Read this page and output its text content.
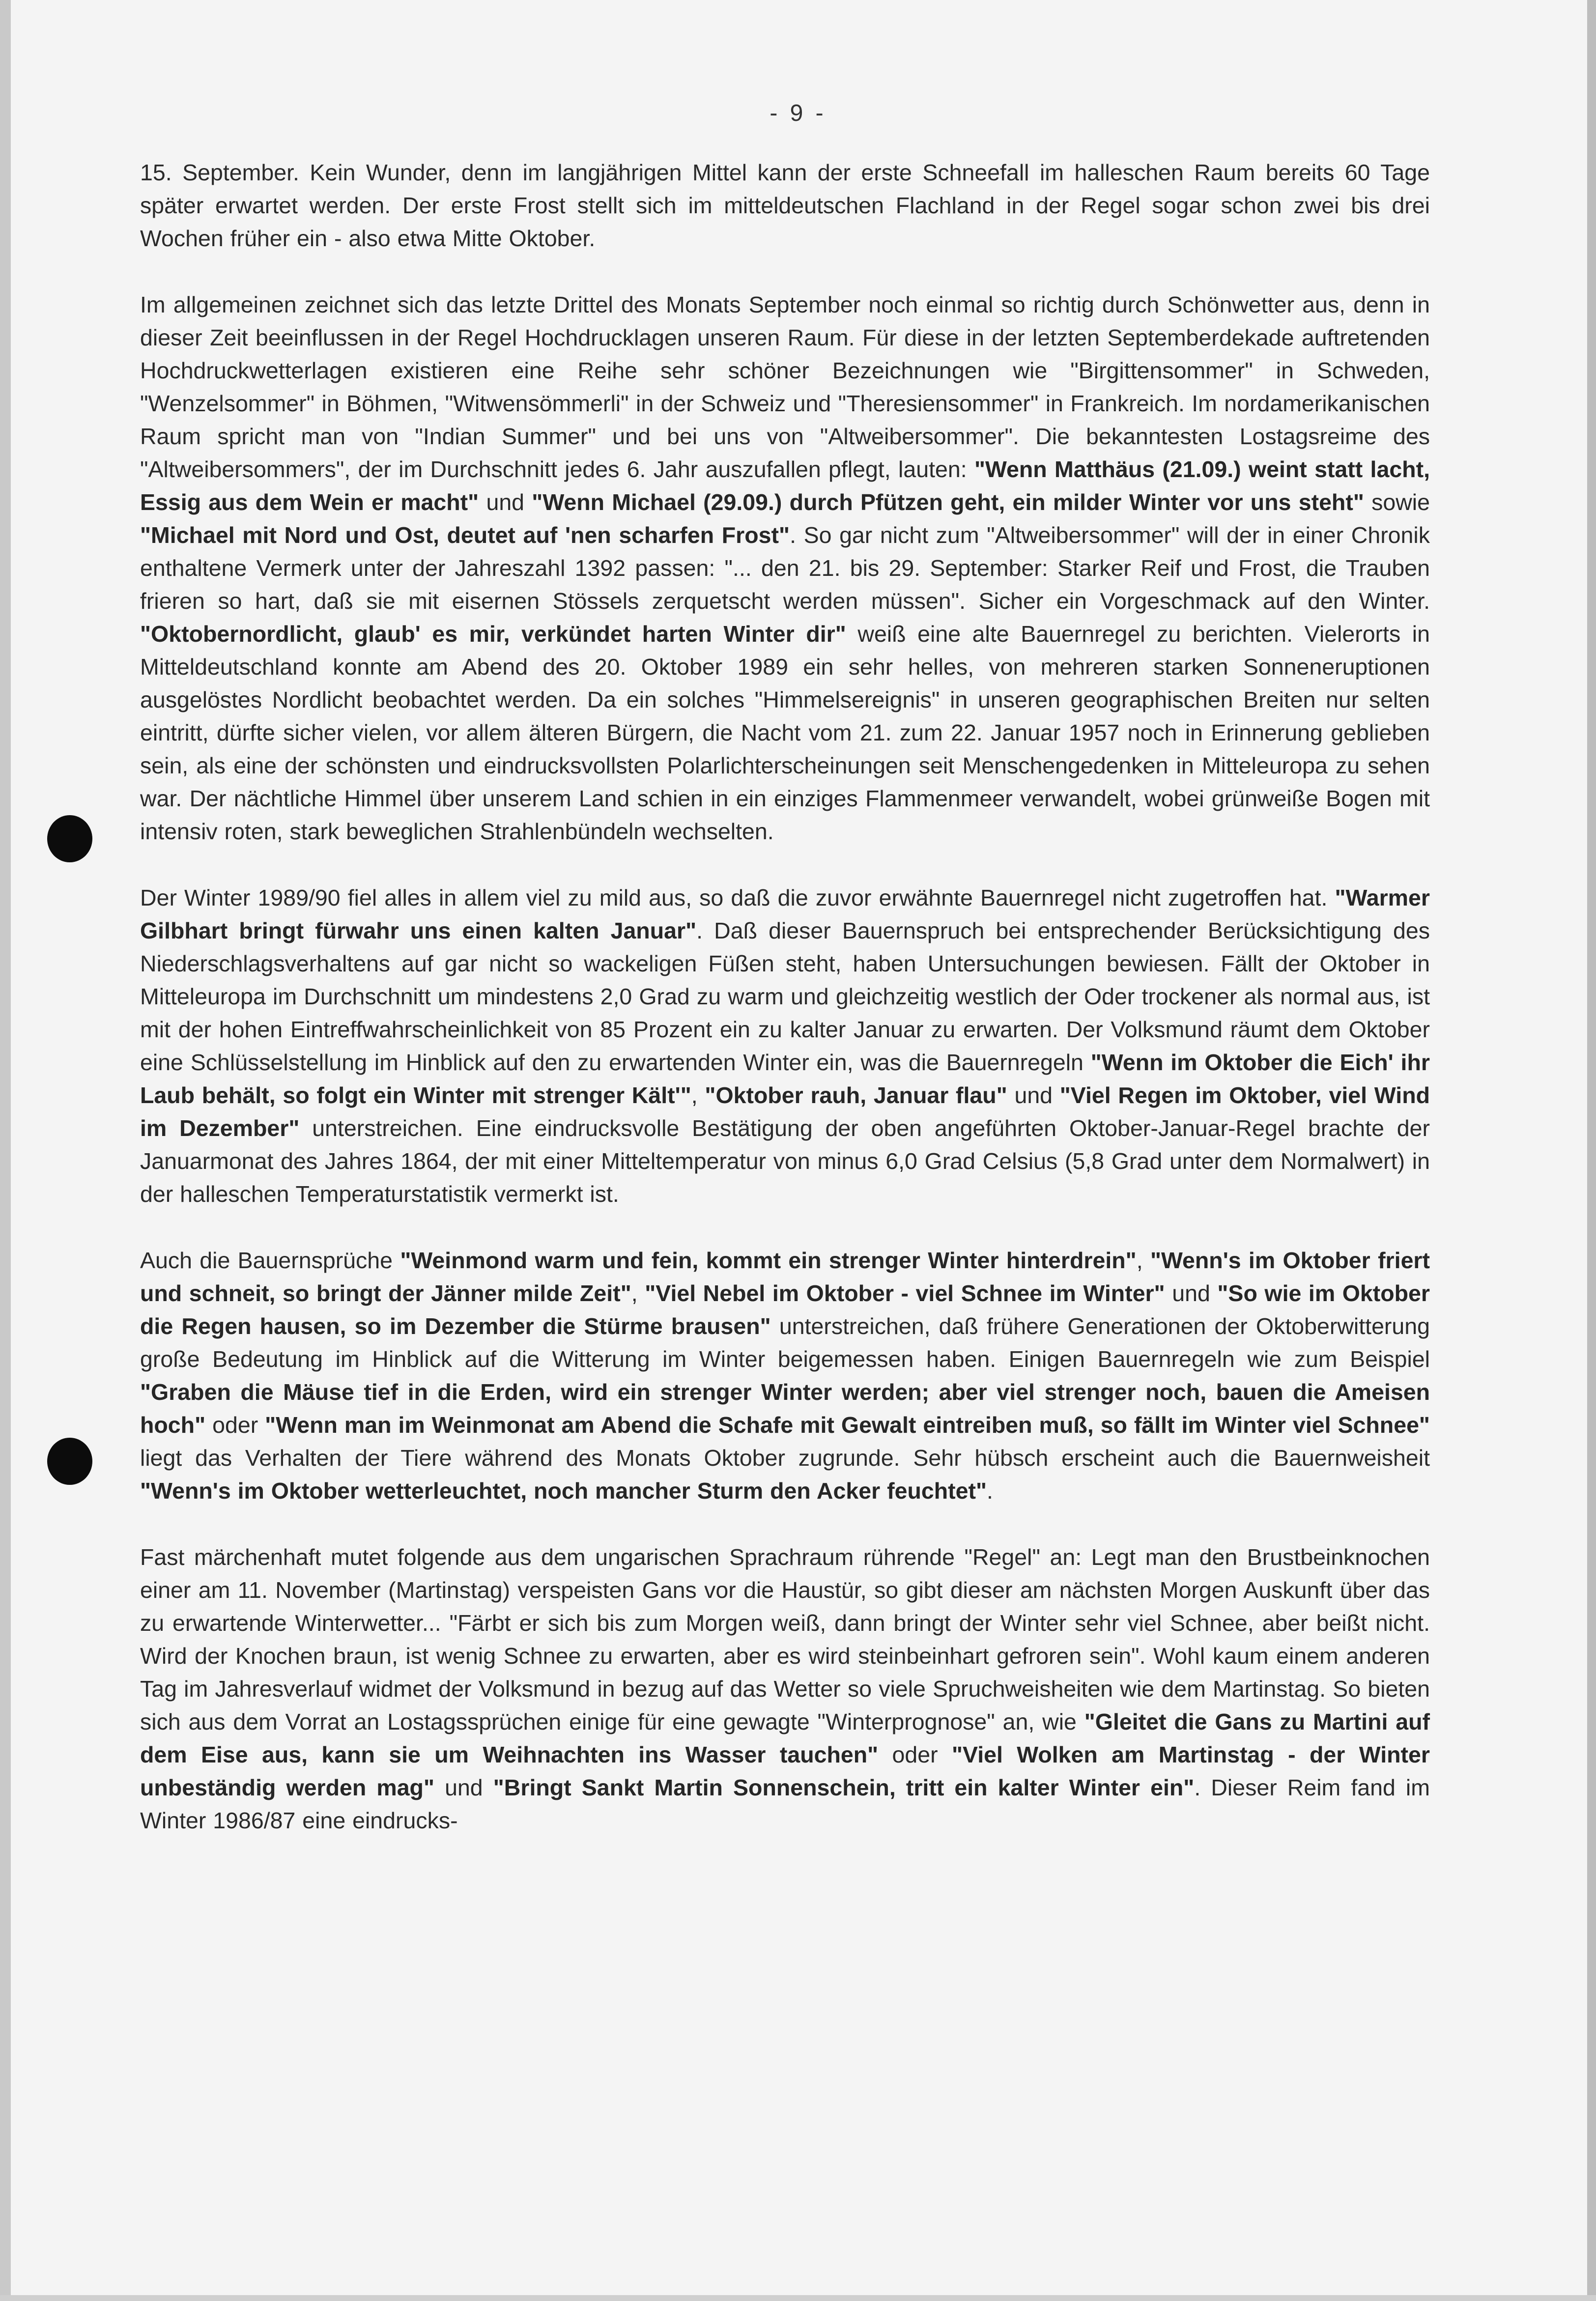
- 9 -

15. September. Kein Wunder, denn im langjährigen Mittel kann der erste Schneefall im halleschen Raum bereits 60 Tage später erwartet werden. Der erste Frost stellt sich im mitteldeutschen Flachland in der Regel sogar schon zwei bis drei Wochen früher ein - also etwa Mitte Oktober.

Im allgemeinen zeichnet sich das letzte Drittel des Monats September noch einmal so richtig durch Schönwetter aus, denn in dieser Zeit beeinflussen in der Regel Hochdrucklagen unseren Raum. Für diese in der letzten Septemberdekade auftretenden Hochdruckwetterlagen existieren eine Reihe sehr schöner Bezeichnungen wie "Birgittensommer" in Schweden, "Wenzelsommer" in Böhmen, "Witwensömmerli" in der Schweiz und "Theresiensommer" in Frankreich. Im nordamerikanischen Raum spricht man von "Indian Summer" und bei uns von "Altweibersommer". Die bekanntesten Lostagsreime des "Altweibersommers", der im Durchschnitt jedes 6. Jahr auszufallen pflegt, lauten: "Wenn Matthäus (21.09.) weint statt lacht, Essig aus dem Wein er macht" und "Wenn Michael (29.09.) durch Pfützen geht, ein milder Winter vor uns steht" sowie "Michael mit Nord und Ost, deutet auf 'nen scharfen Frost". So gar nicht zum "Altweibersommer" will der in einer Chronik enthaltene Vermerk unter der Jahreszahl 1392 passen: "... den 21. bis 29. September: Starker Reif und Frost, die Trauben frieren so hart, daß sie mit eisernen Stössels zerquetscht werden müssen". Sicher ein Vorgeschmack auf den Winter. "Oktobernordlicht, glaub' es mir, verkündet harten Winter dir" weiß eine alte Bauernregel zu berichten. Vielerorts in Mitteldeutschland konnte am Abend des 20. Oktober 1989 ein sehr helles, von mehreren starken Sonneneruptionen ausgelöstes Nordlicht beobachtet werden. Da ein solches "Himmelsereignis" in unseren geographischen Breiten nur selten eintritt, dürfte sicher vielen, vor allem älteren Bürgern, die Nacht vom 21. zum 22. Januar 1957 noch in Erinnerung geblieben sein, als eine der schönsten und eindrucksvollsten Polarlichterscheinungen seit Menschengedenken in Mitteleuropa zu sehen war. Der nächtliche Himmel über unserem Land schien in ein einziges Flammenmeer verwandelt, wobei grünweiße Bogen mit intensiv roten, stark beweglichen Strahlenbündeln wechselten.

Der Winter 1989/90 fiel alles in allem viel zu mild aus, so daß die zuvor erwähnte Bauernregel nicht zugetroffen hat. "Warmer Gilbhart bringt fürwahr uns einen kalten Januar". Daß dieser Bauernspruch bei entsprechender Berücksichtigung des Niederschlagsverhaltens auf gar nicht so wackeligen Füßen steht, haben Untersuchungen bewiesen. Fällt der Oktober in Mitteleuropa im Durchschnitt um mindestens 2,0 Grad zu warm und gleichzeitig westlich der Oder trockener als normal aus, ist mit der hohen Eintreffwahrscheinlichkeit von 85 Prozent ein zu kalter Januar zu erwarten. Der Volksmund räumt dem Oktober eine Schlüsselstellung im Hinblick auf den zu erwartenden Winter ein, was die Bauernregeln "Wenn im Oktober die Eich' ihr Laub behält, so folgt ein Winter mit strenger Kält'", "Oktober rauh, Januar flau" und "Viel Regen im Oktober, viel Wind im Dezember" unterstreichen. Eine eindrucksvolle Bestätigung der oben angeführten Oktober-Januar-Regel brachte der Januarmonat des Jahres 1864, der mit einer Mitteltemperatur von minus 6,0 Grad Celsius (5,8 Grad unter dem Normalwert) in der halleschen Temperaturstatistik vermerkt ist.

Auch die Bauernsprüche "Weinmond warm und fein, kommt ein strenger Winter hinterdrein", "Wenn's im Oktober friert und schneit, so bringt der Jänner milde Zeit", "Viel Nebel im Oktober - viel Schnee im Winter" und "So wie im Oktober die Regen hausen, so im Dezember die Stürme brausen" unterstreichen, daß frühere Generationen der Oktoberwitterung große Bedeutung im Hinblick auf die Witterung im Winter beigemessen haben. Einigen Bauernregeln wie zum Beispiel "Graben die Mäuse tief in die Erden, wird ein strenger Winter werden; aber viel strenger noch, bauen die Ameisen hoch" oder "Wenn man im Weinmonat am Abend die Schafe mit Gewalt eintreiben muß, so fällt im Winter viel Schnee" liegt das Verhalten der Tiere während des Monats Oktober zugrunde. Sehr hübsch erscheint auch die Bauernweisheit "Wenn's im Oktober wetterleuchtet, noch mancher Sturm den Acker feuchtet".

Fast märchenhaft mutet folgende aus dem ungarischen Sprachraum rührende "Regel" an: Legt man den Brustbeinknochen einer am 11. November (Martinstag) verspeisten Gans vor die Haustür, so gibt dieser am nächsten Morgen Auskunft über das zu erwartende Winterwetter... "Färbt er sich bis zum Morgen weiß, dann bringt der Winter sehr viel Schnee, aber beißt nicht. Wird der Knochen braun, ist wenig Schnee zu erwarten, aber es wird steinbeinhart gefroren sein". Wohl kaum einem anderen Tag im Jahresverlauf widmet der Volksmund in bezug auf das Wetter so viele Spruchweisheiten wie dem Martinstag. So bieten sich aus dem Vorrat an Lostagssprüchen einige für eine gewagte "Winterprognose" an, wie "Gleitet die Gans zu Martini auf dem Eise aus, kann sie um Weihnachten ins Wasser tauchen" oder "Viel Wolken am Martinstag - der Winter unbeständig werden mag" und "Bringt Sankt Martin Sonnenschein, tritt ein kalter Winter ein". Dieser Reim fand im Winter 1986/87 eine eindrucks-
